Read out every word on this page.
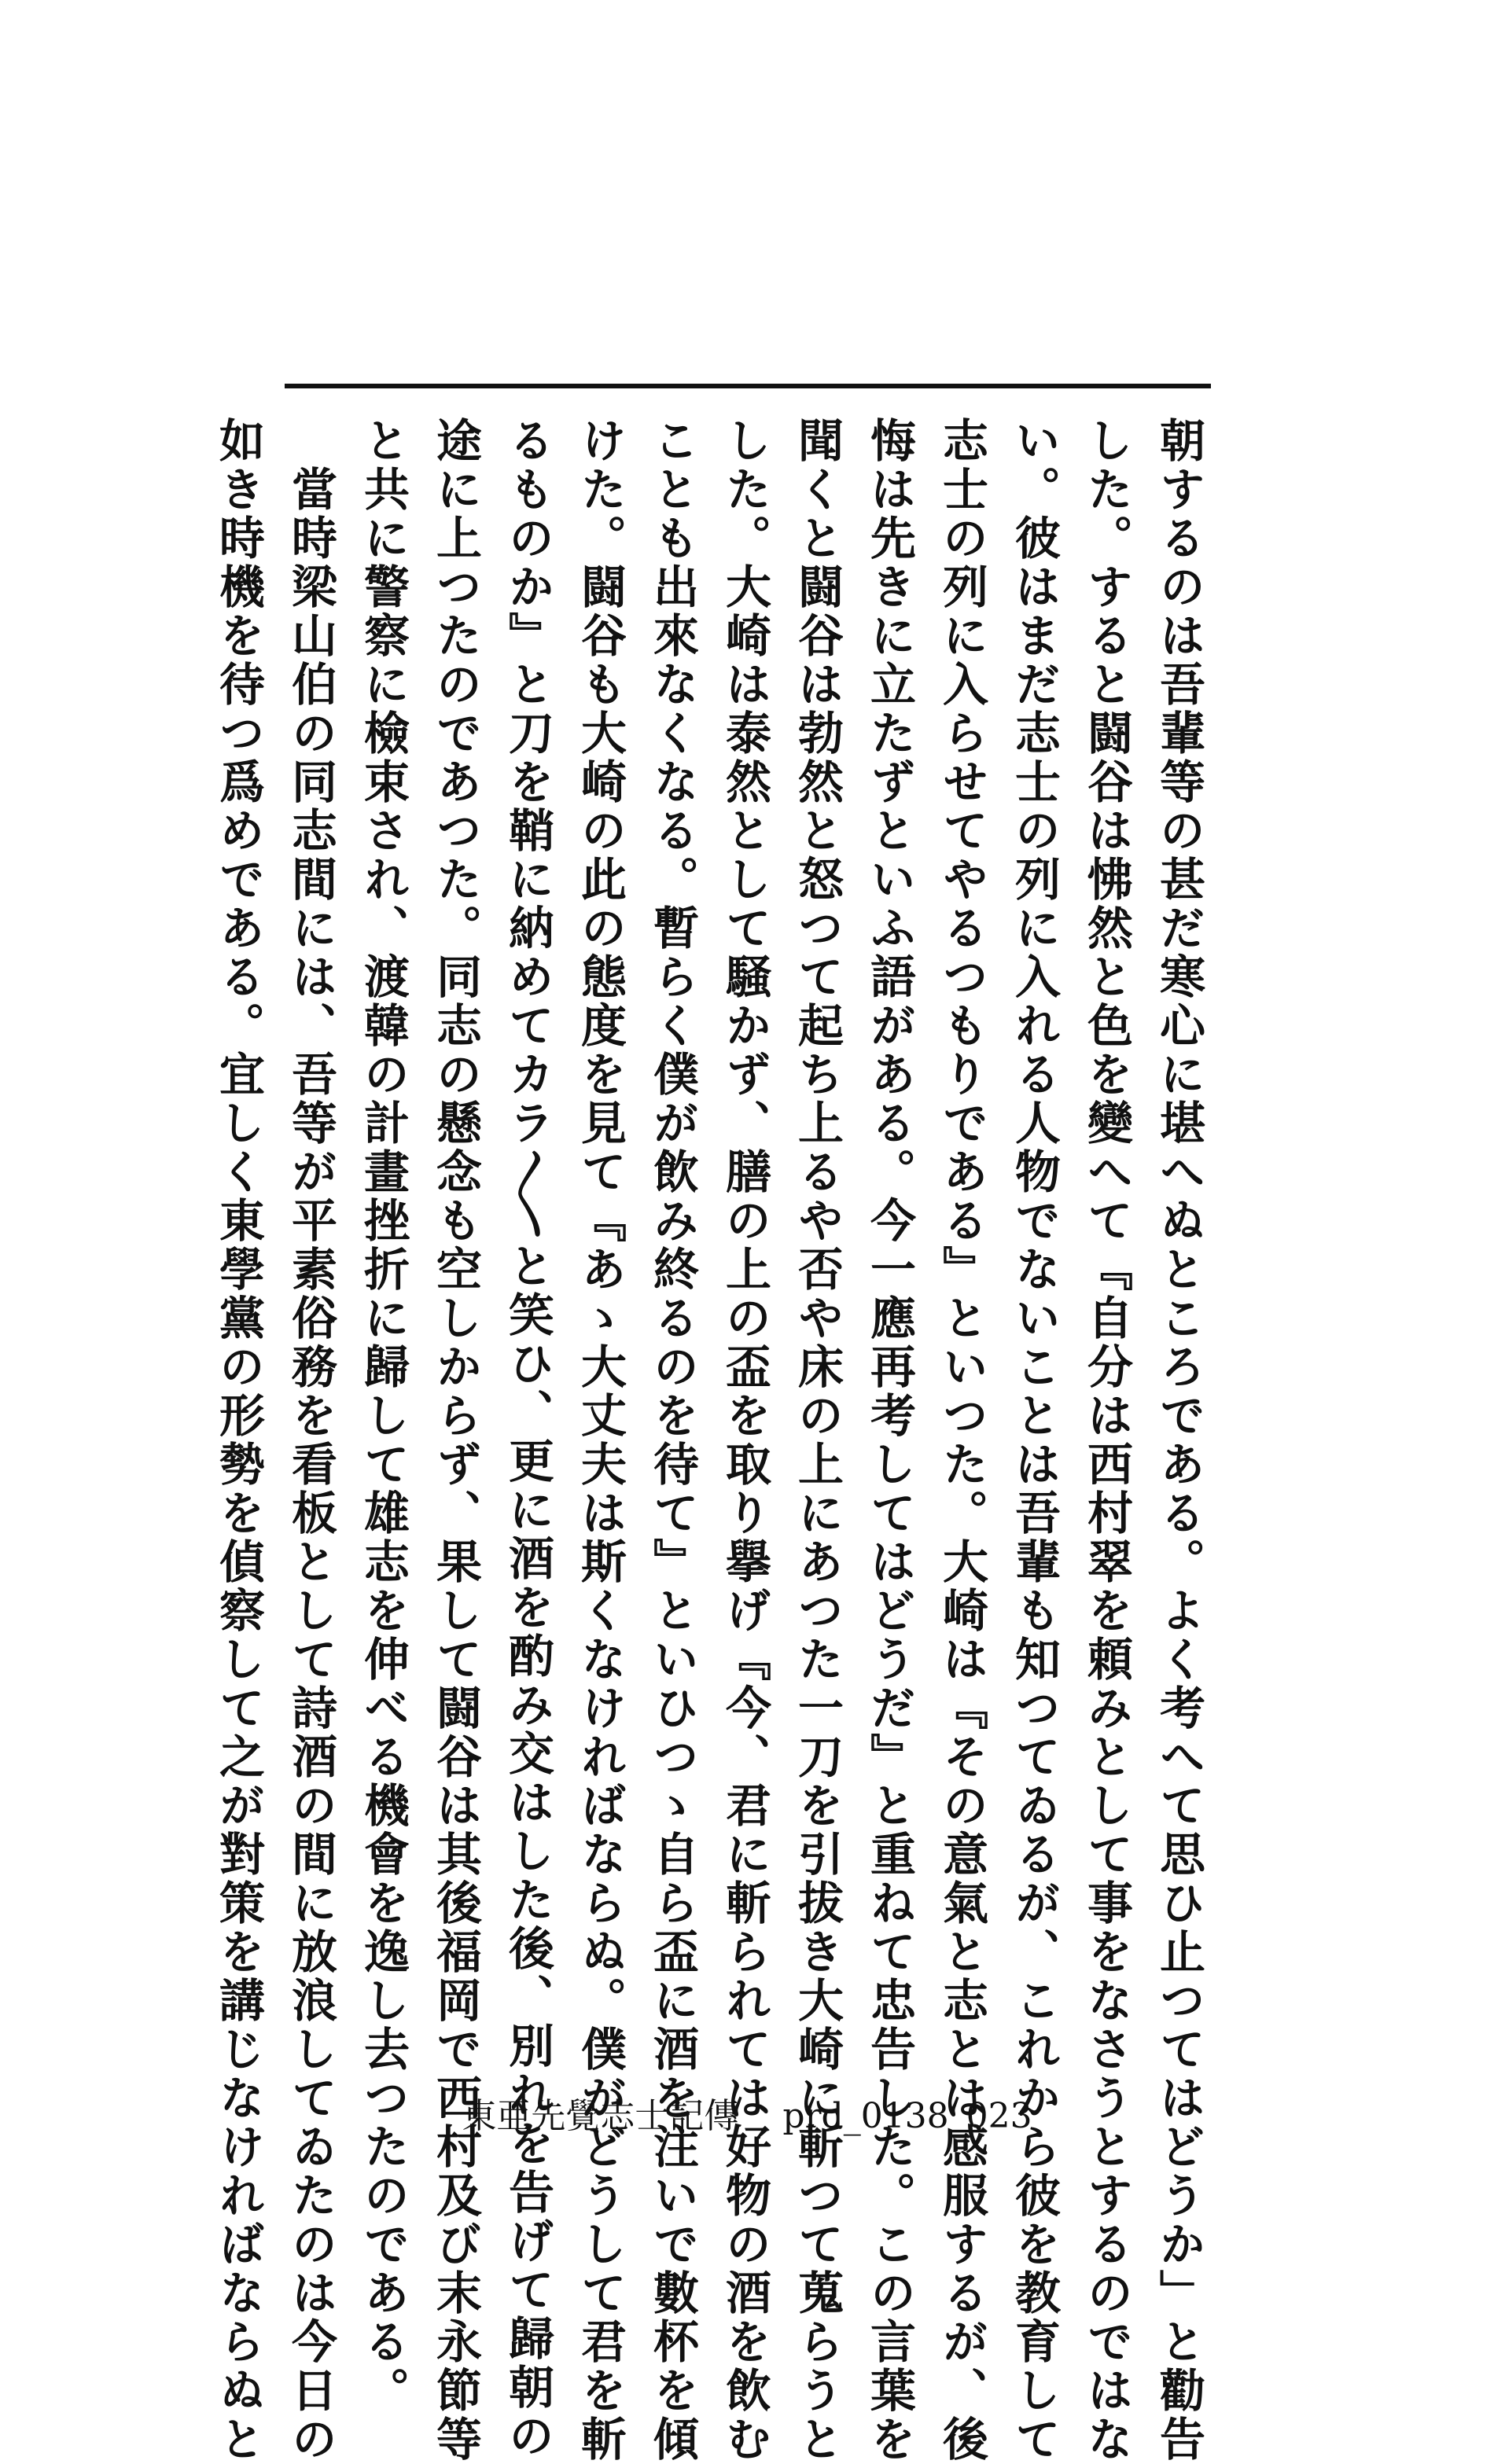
朝するのは吾輩等の甚だ寒心に堪へぬところである。よく考へて思ひ止つてはどうか」と勸告
した。すると闘谷は怫然と色を變へて『自分は西村翠を頼みとして事をなさうとするのではな
い。彼はまだ志士の列に入れる人物でないことは吾輩も知つてゐるが、これから彼を教育して
志士の列に入らせてやるつもりである』といつた。大崎は『その意氣と志とは感服するが、後
悔は先きに立たずといふ語がある。今一應再考してはどうだ』と重ねて忠告した。この言葉を
聞くと闘谷は勃然と怒つて起ち上るや否や床の上にあつた一刀を引拔き大崎に斬つて蒐らうと
した。大崎は泰然として騒かず、膳の上の盃を取り擧げ『今、君に斬られては好物の酒を飲む
ことも出來なくなる。暫らく僕が飲み終るのを待て』といひつゝ自ら盃に酒を注いで數杯を傾
けた。闘谷も大崎の此の態度を見て『あゝ大丈夫は斯くなければならぬ。僕がどうして君を斬
るものか』と刀を鞘に納めてカラ〳〵と笑ひ、更に酒を酌み交はした後、別れを告げて歸朝の
途に上つたのであつた。同志の懸念も空しからず、果して闘谷は其後福岡で西村及び末永節等
と共に警察に檢束され、渡韓の計畫挫折に歸して雄志を伸べる機會を逸し去つたのである。
　當時梁山伯の同志間には、吾等が平素俗務を看板として詩酒の間に放浪してゐたのは今日の
如き時機を待つ爲めである。宜しく東學黨の形勢を偵察して之が對策を講じなければならぬと	東亜先覺志士記傳 prd_0138_023
